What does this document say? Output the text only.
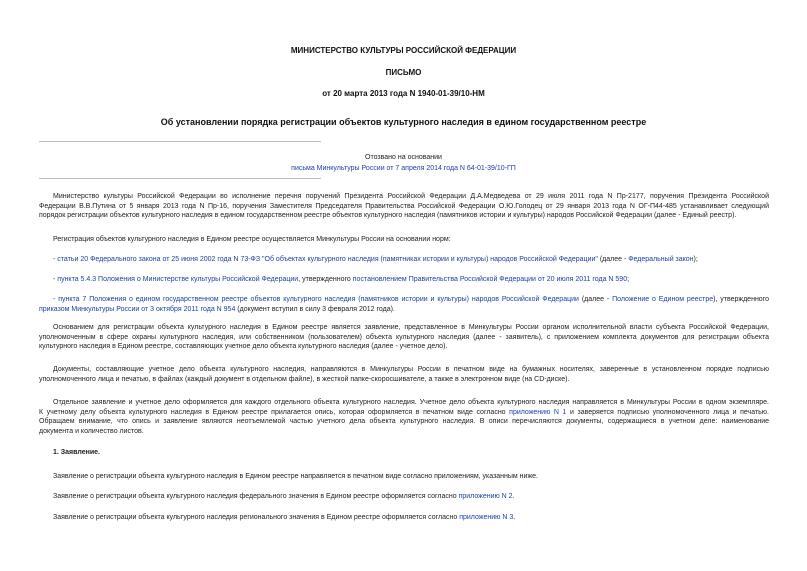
МИНИСТЕРСТВО КУЛЬТУРЫ РОССИЙСКОЙ ФЕДЕРАЦИИ
ПИСЬМО
от 20 марта 2013 года N 1940-01-39/10-НМ
Об установлении порядка регистрации объектов культурного наследия в едином государственном реестре
Отозвано на основании
письма Минкультуры России от 7 апреля 2014 года N 64-01-39/10-ГП
Министерство культуры Российской Федерации во исполнение перечня поручений Президента Российской Федерации Д.А.Медведева от 29 июля 2011 года N Пр-2177, поручения Президента Российской
Федерации В.В.Путина от 5 января 2013 года N Пр-16, поручения Заместителя Председателя Правительства Российской Федерации О.Ю.Голодец от 29 января 2013 года N ОГ-П44-485 устанавливает следующий
порядок регистрации объектов культурного наследия в едином государственном реестре объектов культурного наследия (памятников истории и культуры) народов Российской Федерации (далее - Единый реестр).
Регистрация объектов культурного наследия в Едином реестре осуществляется Минкультуры России на основании норм:
- статьи 20 Федерального закона от 25 июня 2002 года N 73-ФЗ "Об объектах культурного наследия (памятниках истории и культуры) народов Российской Федерации" (далее - Федеральный закон);
- пункта 5.4.3 Положения о Министерстве культуры Российской Федерации, утвержденного постановлением Правительства Российской Федерации от 20 июля 2011 года N 590;
- пункта 7 Положения о едином государственном реестре объектов культурного наследия (памятников истории и культуры) народов Российской Федерации (далее - Положение о Едином реестре), утвержденного
приказом Минкультуры России от 3 октября 2011 года N 954 (документ вступил в силу 3 февраля 2012 года).
Основанием для регистрации объекта культурного наследия в Едином реестре является заявление, представленное в Минкультуры России органом исполнительной власти субъекта Российской Федерации,
уполномоченным в сфере охраны культурного наследия, или собственником (пользователем) объекта культурного наследия (далее - заявитель), с приложением комплекта документов для регистрации объекта
культурного наследия в Едином реестре, составляющих учетное дело объекта культурного наследия (далее - учетное дело).
Документы, составляющие учетное дело объекта культурного наследия, направляются в Минкультуры России в печатном виде на бумажных носителях, заверенные в установленном порядке подписью
уполномоченного лица и печатью, в файлах (каждый документ в отдельном файле), в жесткой папке-скоросшивателе, а также в электронном виде (на CD-диске).
Отдельное заявление и учетное дело оформляется для каждого отдельного объекта культурного наследия. Учетное дело объекта культурного наследия направляется в Минкультуры России в одном экземпляре.
К учетному делу объекта культурного наследия в Едином реестре прилагается опись, которая оформляется в печатном виде согласно приложению N 1 и заверяется подписью уполномоченного лица и печатью.
Обращаем внимание, что опись и заявление являются неотъемлемой частью учетного дела объекта культурного наследия. В описи перечисляются документы, содержащиеся в учетном деле: наименование
документа и количество листов.
1. Заявление.
Заявление о регистрации объекта культурного наследия в Едином реестре направляется в печатном виде согласно приложениям, указанным ниже.
Заявление о регистрации объекта культурного наследия федерального значения в Едином реестре оформляется согласно приложению N 2.
Заявление о регистрации объекта культурного наследия регионального значения в Едином реестре оформляется согласно приложению N 3.
